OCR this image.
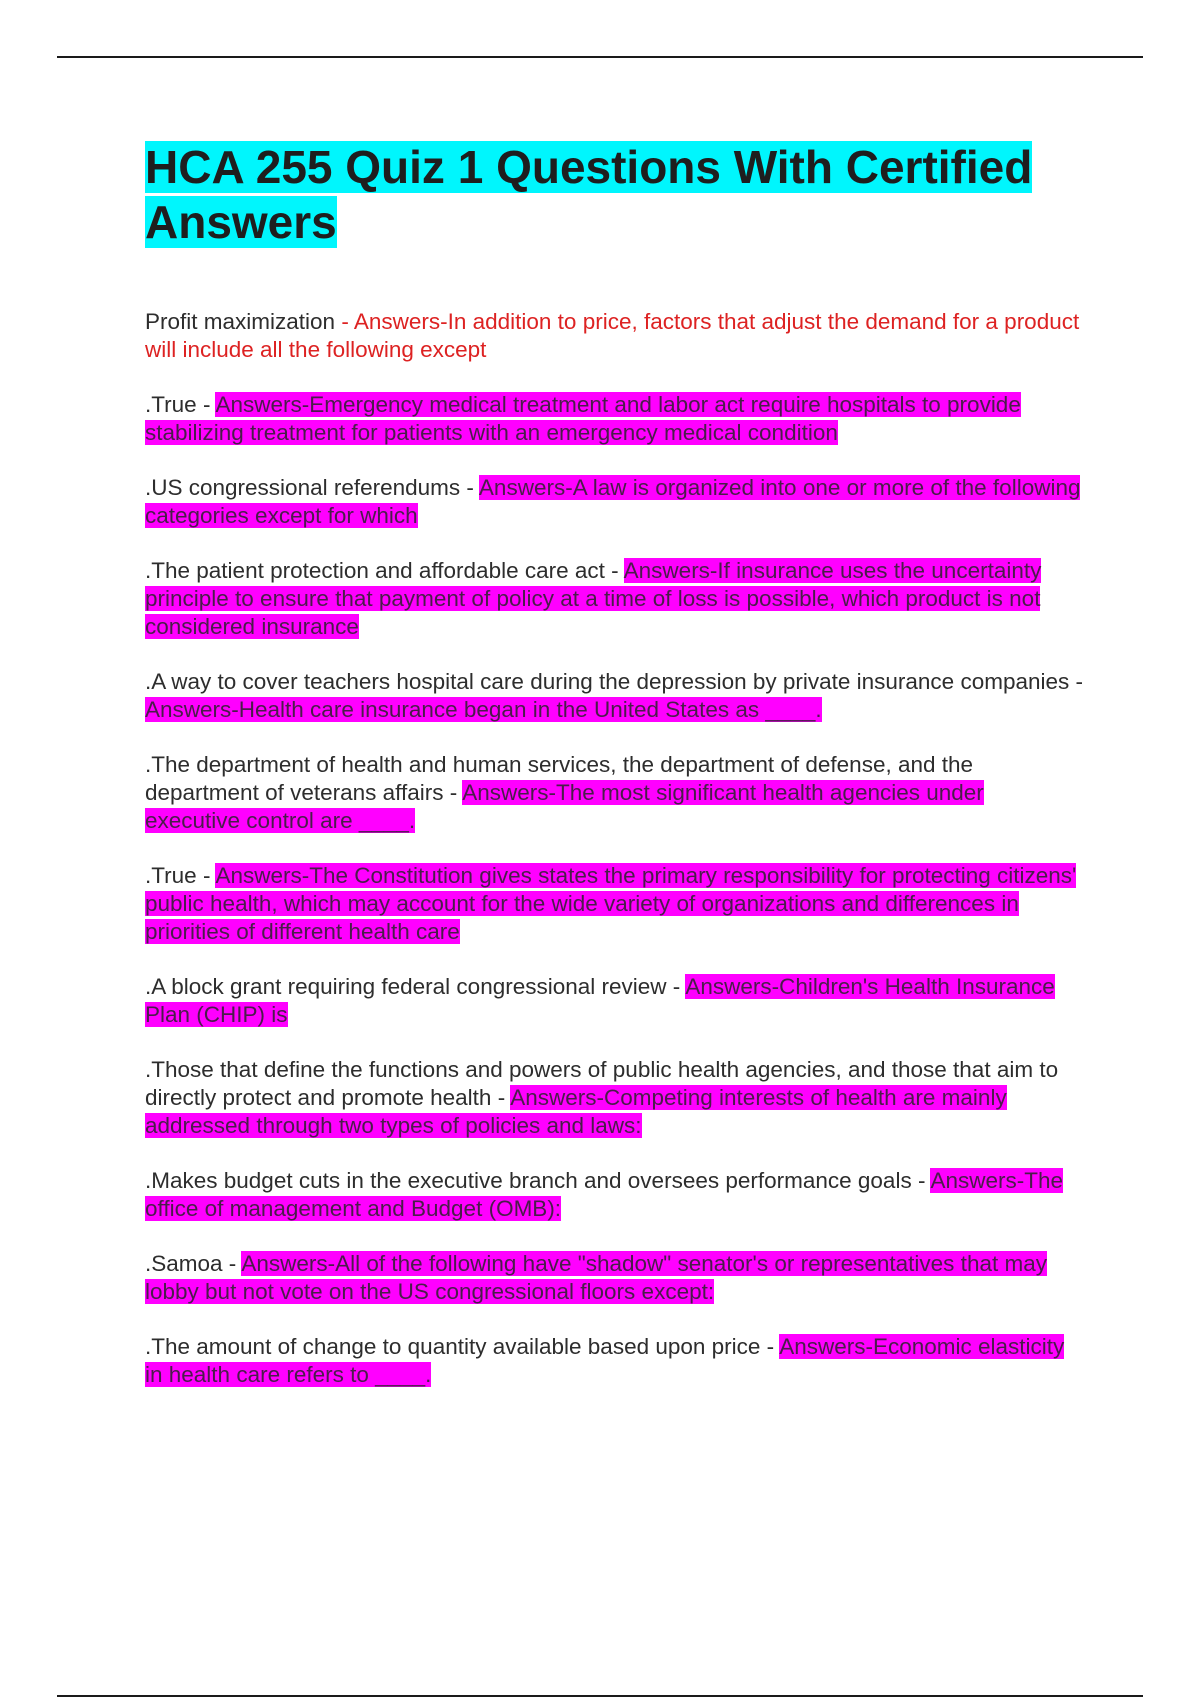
HCA 255 Quiz 1 Questions With Certified Answers

Profit maximization - Answers-In addition to price, factors that adjust the demand for a product will include all the following except

.True - Answers-Emergency medical treatment and labor act require hospitals to provide stabilizing treatment for patients with an emergency medical condition

.US congressional referendums - Answers-A law is organized into one or more of the following categories except for which

.The patient protection and affordable care act - Answers-If insurance uses the uncertainty principle to ensure that payment of policy at a time of loss is possible, which product is not considered insurance

.A way to cover teachers hospital care during the depression by private insurance companies - Answers-Health care insurance began in the United States as ____.

.The department of health and human services, the department of defense, and the department of veterans affairs - Answers-The most significant health agencies under executive control are ____.

.True - Answers-The Constitution gives states the primary responsibility for protecting citizens' public health, which may account for the wide variety of organizations and differences in priorities of different health care

.A block grant requiring federal congressional review - Answers-Children's Health Insurance Plan (CHIP) is

.Those that define the functions and powers of public health agencies, and those that aim to directly protect and promote health - Answers-Competing interests of health are mainly addressed through two types of policies and laws:

.Makes budget cuts in the executive branch and oversees performance goals - Answers-The office of management and Budget (OMB):

.Samoa - Answers-All of the following have "shadow" senator's or representatives that may lobby but not vote on the US congressional floors except:

.The amount of change to quantity available based upon price - Answers-Economic elasticity in health care refers to ____.
